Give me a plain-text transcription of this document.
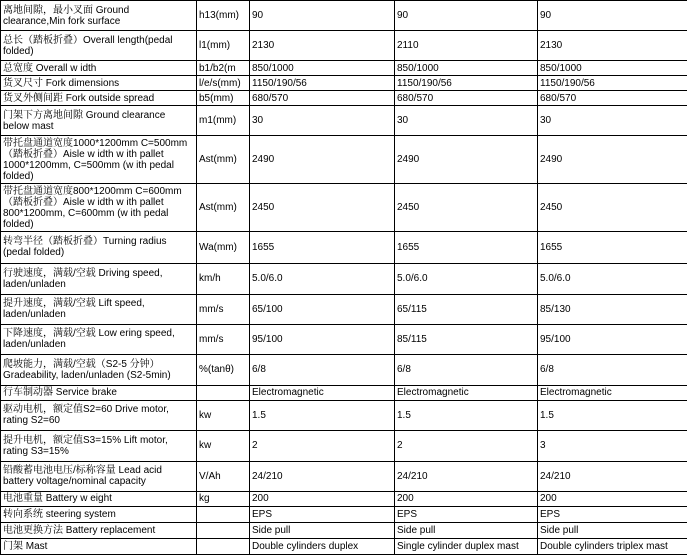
离地间隙，最小叉面 Ground clearance,Min fork surface	h13(mm)	90	90	90
总长（踏板折叠）Overall length(pedal folded)	l1(mm)	2130	2110	2130
总宽度 Overall w idth	b1/b2(m	850/1000	850/1000	850/1000
货叉尺寸 Fork dimensions	l/e/s(mm)	1150/190/56	1150/190/56	1150/190/56
货叉外侧间距 Fork outside spread	b5(mm)	680/570	680/570	680/570
门架下方离地间隙 Ground clearance below mast	m1(mm)	30	30	30
带托盘通道宽度1000*1200mm C=500mm（踏板折叠）Aisle w idth w ith pallet 1000*1200mm, C=500mm (w ith pedal folded)	Ast(mm)	2490	2490	2490
带托盘通道宽度800*1200mm C=600mm（踏板折叠）Aisle w idth w ith pallet 800*1200mm, C=600mm (w ith pedal folded)	Ast(mm)	2450	2450	2450
转弯半径（踏板折叠）Turning radius (pedal folded)	Wa(mm)	1655	1655	1655
行驶速度，满载/空载 Driving speed, laden/unladen	km/h	5.0/6.0	5.0/6.0	5.0/6.0
提升速度，满载/空载 Lift speed, laden/unladen	mm/s	65/100	65/115	85/130
下降速度，满载/空载 Low ering speed, laden/unladen	mm/s	95/100	85/115	95/100
爬坡能力，满载/空载（S2-5 分钟）Gradeability, laden/unladen (S2-5min)	%(tanθ)	6/8	6/8	6/8
行车制动器 Service brake		Electromagnetic	Electromagnetic	Electromagnetic
驱动电机，额定值S2=60 Drive motor, rating S2=60	kw	1.5	1.5	1.5
提升电机，额定值S3=15% Lift motor, rating S3=15%	kw	2	2	3
铅酸蓄电池电压/标称容量 Lead acid battery voltage/nominal capacity	V/Ah	24/210	24/210	24/210
电池重量 Battery w eight	kg	200	200	200
转向系统 steering system		EPS	EPS	EPS
电池更换方法 Battery replacement		Side pull	Side pull	Side pull
门架 Mast		Double cylinders duplex	Single cylinder duplex mast	Double cylinders triplex mast
